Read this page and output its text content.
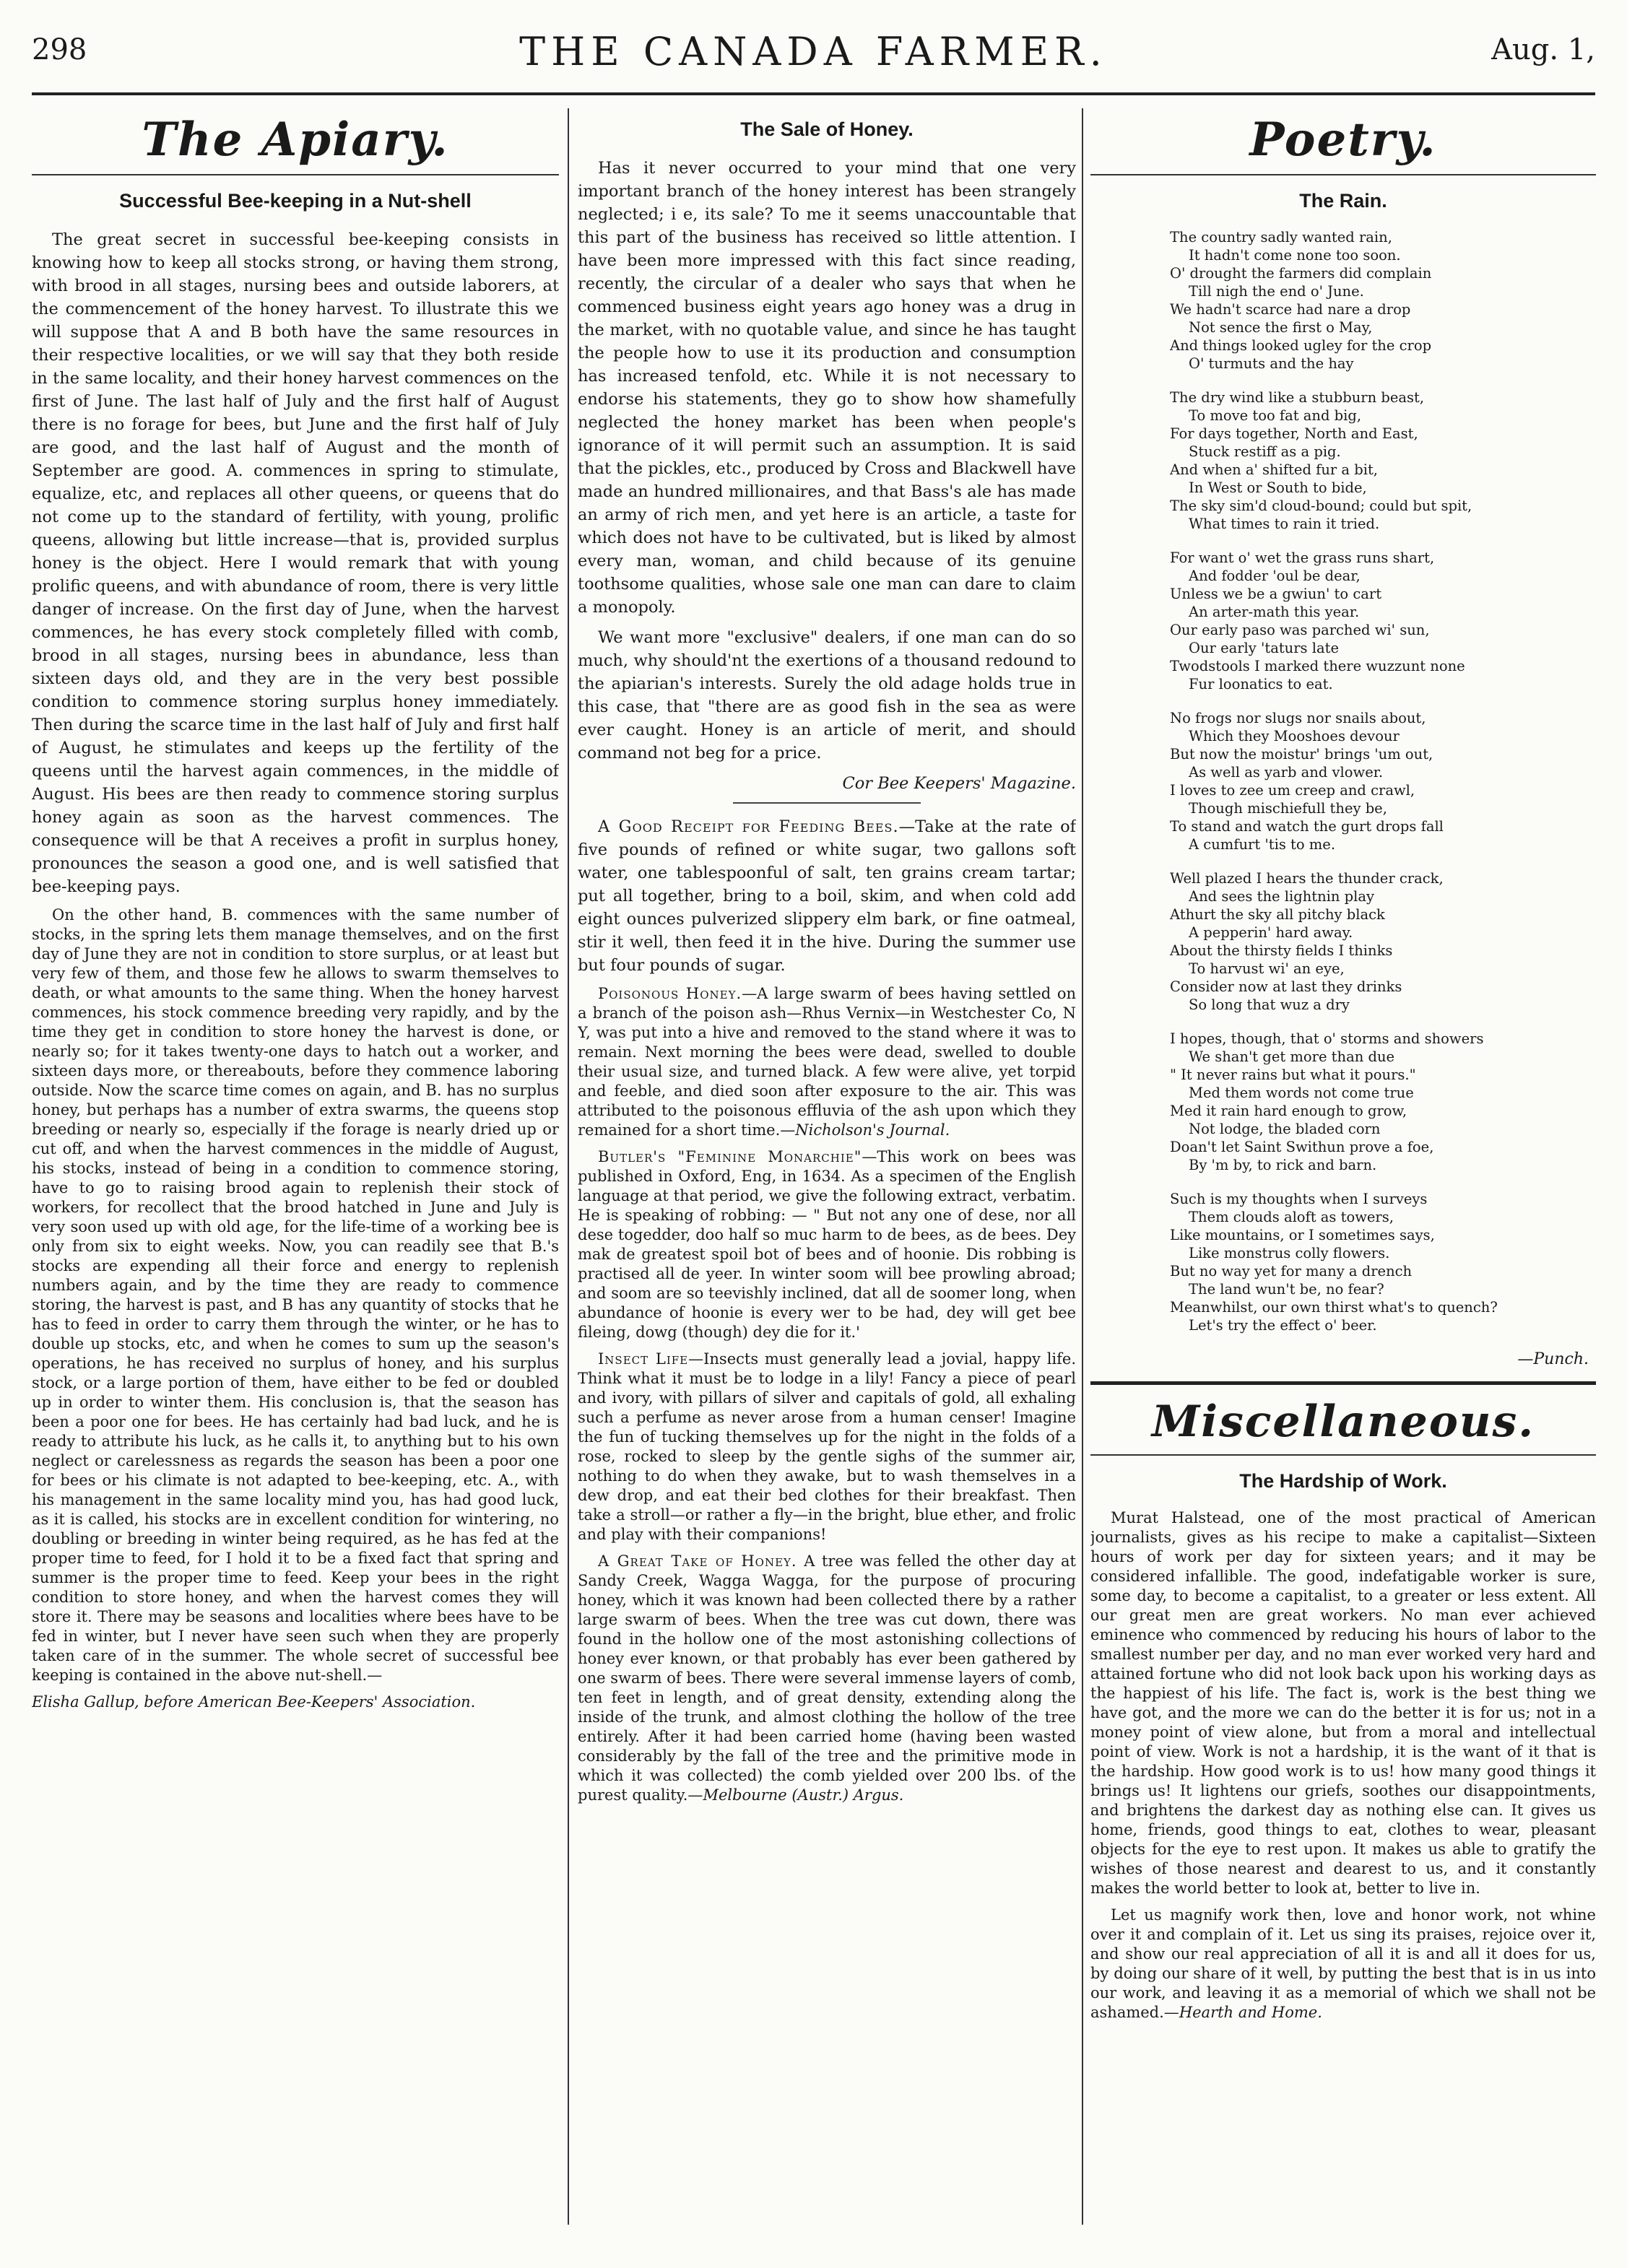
298	THE CANADA FARMER.	Aug. 1,
The Apiary.
Successful Bee-keeping in a Nut-shell

The great secret in successful bee-keeping consists in knowing how to keep all stocks strong, or having them strong, with brood in all stages, nursing bees and outside laborers, at the commencement of the honey harvest. To illustrate this we will suppose that A and B both have the same resources in their respective localities, or we will say that they both reside in the same locality, and their honey harvest commences on the first of June. The last half of July and the first half of August there is no forage for bees, but June and the first half of July are good, and the last half of August and the month of September are good. A. commences in spring to stimulate, equalize, etc, and replaces all other queens, or queens that do not come up to the standard of fertility, with young, prolific queens, allowing but little increase—that is, provided surplus honey is the object. Here I would remark that with young prolific queens, and with abundance of room, there is very little danger of increase. On the first day of June, when the harvest commences, he has every stock completely filled with comb, brood in all stages, nursing bees in abundance, less than sixteen days old, and they are in the very best possible condition to commence storing surplus honey immediately. Then during the scarce time in the last half of July and first half of August, he stimulates and keeps up the fertility of the queens until the harvest again commences, in the middle of August. His bees are then ready to commence storing surplus honey again as soon as the harvest commences. The consequence will be that A receives a profit in surplus honey, pronounces the season a good one, and is well satisfied that bee-keeping pays.

On the other hand, B. commences with the same number of stocks, in the spring lets them manage themselves, and on the first day of June they are not in condition to store surplus, or at least but very few of them, and those few he allows to swarm themselves to death, or what amounts to the same thing. When the honey harvest commences, his stock commence breeding very rapidly, and by the time they get in condition to store honey the harvest is done, or nearly so; for it takes twenty-one days to hatch out a worker, and sixteen days more, or thereabouts, before they commence laboring outside. Now the scarce time comes on again, and B. has no surplus honey, but perhaps has a number of extra swarms, the queens stop breeding or nearly so, especially if the forage is nearly dried up or cut off, and when the harvest commences in the middle of August, his stocks, instead of being in a condition to commence storing, have to go to raising brood again to replenish their stock of workers, for recollect that the brood hatched in June and July is very soon used up with old age, for the life-time of a working bee is only from six to eight weeks. Now, you can readily see that B.'s stocks are expending all their force and energy to replenish numbers again, and by the time they are ready to commence storing, the harvest is past, and B has any quantity of stocks that he has to feed in order to carry them through the winter, or he has to double up stocks, etc, and when he comes to sum up the season's operations, he has received no surplus of honey, and his surplus stock, or a large portion of them, have either to be fed or doubled up in order to winter them. His conclusion is, that the season has been a poor one for bees. He has certainly had bad luck, and he is ready to attribute his luck, as he calls it, to anything but to his own neglect or carelessness as regards the season has been a poor one for bees or his climate is not adapted to bee-keeping, etc. A., with his management in the same locality mind you, has had good luck, as it is called, his stocks are in excellent condition for wintering, no doubling or breeding in winter being required, as he has fed at the proper time to feed, for I hold it to be a fixed fact that spring and summer is the proper time to feed. Keep your bees in the right condition to store honey, and when the harvest comes they will store it. There may be seasons and localities where bees have to be fed in winter, but I never have seen such when they are properly taken care of in the summer. The whole secret of successful bee keeping is contained in the above nut-shell.—

Elisha Gallup, before American Bee-Keepers' Association.

The Sale of Honey.

Has it never occurred to your mind that one very important branch of the honey interest has been strangely neglected; i e, its sale? To me it seems unaccountable that this part of the business has received so little attention. I have been more impressed with this fact since reading, recently, the circular of a dealer who says that when he commenced business eight years ago honey was a drug in the market, with no quotable value, and since he has taught the people how to use it its production and consumption has increased tenfold, etc. While it is not necessary to endorse his statements, they go to show how shamefully neglected the honey market has been when people's ignorance of it will permit such an assumption. It is said that the pickles, etc., produced by Cross and Blackwell have made an hundred millionaires, and that Bass's ale has made an army of rich men, and yet here is an article, a taste for which does not have to be cultivated, but is liked by almost every man, woman, and child because of its genuine toothsome qualities, whose sale one man can dare to claim a monopoly.

We want more "exclusive" dealers, if one man can do so much, why should'nt the exertions of a thousand redound to the apiarian's interests. Surely the old adage holds true in this case, that "there are as good fish in the sea as were ever caught. Honey is an article of merit, and should command not beg for a price.

Cor Bee Keepers' Magazine.

A Good Receipt for Feeding Bees.—Take at the rate of five pounds of refined or white sugar, two gallons soft water, one tablespoonful of salt, ten grains cream tartar; put all together, bring to a boil, skim, and when cold add eight ounces pulverized slippery elm bark, or fine oatmeal, stir it well, then feed it in the hive. During the summer use but four pounds of sugar.

Poisonous Honey.—A large swarm of bees having settled on a branch of the poison ash—Rhus Vernix—in Westchester Co, N Y, was put into a hive and removed to the stand where it was to remain. Next morning the bees were dead, swelled to double their usual size, and turned black. A few were alive, yet torpid and feeble, and died soon after exposure to the air. This was attributed to the poisonous effluvia of the ash upon which they remained for a short time.—Nicholson's Journal.

Butler's "Feminine Monarchie"—This work on bees was published in Oxford, Eng, in 1634. As a specimen of the English language at that period, we give the following extract, verbatim. He is speaking of robbing: — " But not any one of dese, nor all dese togedder, doo half so muc harm to de bees, as de bees. Dey mak de greatest spoil bot of bees and of hoonie. Dis robbing is practised all de yeer. In winter soom will bee prowling abroad; and soom are so teevishly inclined, dat all de soomer long, when abundance of hoonie is every wer to be had, dey will get bee fileing, dowg (though) dey die for it.'

Insect Life—Insects must generally lead a jovial, happy life. Think what it must be to lodge in a lily! Fancy a piece of pearl and ivory, with pillars of silver and capitals of gold, all exhaling such a perfume as never arose from a human censer! Imagine the fun of tucking themselves up for the night in the folds of a rose, rocked to sleep by the gentle sighs of the summer air, nothing to do when they awake, but to wash themselves in a dew drop, and eat their bed clothes for their breakfast. Then take a stroll—or rather a fly—in the bright, blue ether, and frolic and play with their companions!

A Great Take of Honey. A tree was felled the other day at Sandy Creek, Wagga Wagga, for the purpose of procuring honey, which it was known had been collected there by a rather large swarm of bees. When the tree was cut down, there was found in the hollow one of the most astonishing collections of honey ever known, or that probably has ever been gathered by one swarm of bees. There were several immense layers of comb, ten feet in length, and of great density, extending along the inside of the trunk, and almost clothing the hollow of the tree entirely. After it had been carried home (having been wasted considerably by the fall of the tree and the primitive mode in which it was collected) the comb yielded over 200 lbs. of the purest quality.—Melbourne (Austr.) Argus.

Poetry.
The Rain.
The country sadly wanted rain,
It hadn't come none too soon.
O' drought the farmers did complain
Till nigh the end o' June.
We hadn't scarce had nare a drop
Not sence the first o May,
And things looked ugley for the crop
O' turmuts and the hay
The dry wind like a stubburn beast,
To move too fat and big,
For days together, North and East,
Stuck restiff as a pig.
And when a' shifted fur a bit,
In West or South to bide,
The sky sim'd cloud-bound; could but spit,
What times to rain it tried.
For want o' wet the grass runs shart,
And fodder 'oul be dear,
Unless we be a gwiun' to cart
An arter-math this year.
Our early paso was parched wi' sun,
Our early 'taturs late
Twodstools I marked there wuzzunt none
Fur loonatics to eat.
No frogs nor slugs nor snails about,
Which they Mooshoes devour
But now the moistur' brings 'um out,
As well as yarb and vlower.
I loves to zee um creep and crawl,
Though mischiefull they be,
To stand and watch the gurt drops fall
A cumfurt 'tis to me.
Well plazed I hears the thunder crack,
And sees the lightnin play
Athurt the sky all pitchy black
A pepperin' hard away.
About the thirsty fields I thinks
To harvust wi' an eye,
Consider now at last they drinks
So long that wuz a dry
I hopes, though, that o' storms and showers
We shan't get more than due
" It never rains but what it pours."
Med them words not come true
Med it rain hard enough to grow,
Not lodge, the bladed corn
Doan't let Saint Swithun prove a foe,
By 'm by, to rick and barn.
Such is my thoughts when I surveys
Them clouds aloft as towers,
Like mountains, or I sometimes says,
Like monstrus colly flowers.
But no way yet for many a drench
The land wun't be, no fear?
Meanwhilst, our own thirst what's to quench?
Let's try the effect o' beer.
—Punch.
Miscellaneous.
The Hardship of Work.

Murat Halstead, one of the most practical of American journalists, gives as his recipe to make a capitalist—Sixteen hours of work per day for sixteen years; and it may be considered infallible. The good, indefatigable worker is sure, some day, to become a capitalist, to a greater or less extent. All our great men are great workers. No man ever achieved eminence who commenced by reducing his hours of labor to the smallest number per day, and no man ever worked very hard and attained fortune who did not look back upon his working days as the happiest of his life. The fact is, work is the best thing we have got, and the more we can do the better it is for us; not in a money point of view alone, but from a moral and intellectual point of view. Work is not a hardship, it is the want of it that is the hardship. How good work is to us! how many good things it brings us! It lightens our griefs, soothes our disappointments, and brightens the darkest day as nothing else can. It gives us home, friends, good things to eat, clothes to wear, pleasant objects for the eye to rest upon. It makes us able to gratify the wishes of those nearest and dearest to us, and it constantly makes the world better to look at, better to live in.

Let us magnify work then, love and honor work, not whine over it and complain of it. Let us sing its praises, rejoice over it, and show our real appreciation of all it is and all it does for us, by doing our share of it well, by putting the best that is in us into our work, and leaving it as a memorial of which we shall not be ashamed.—Hearth and Home.
